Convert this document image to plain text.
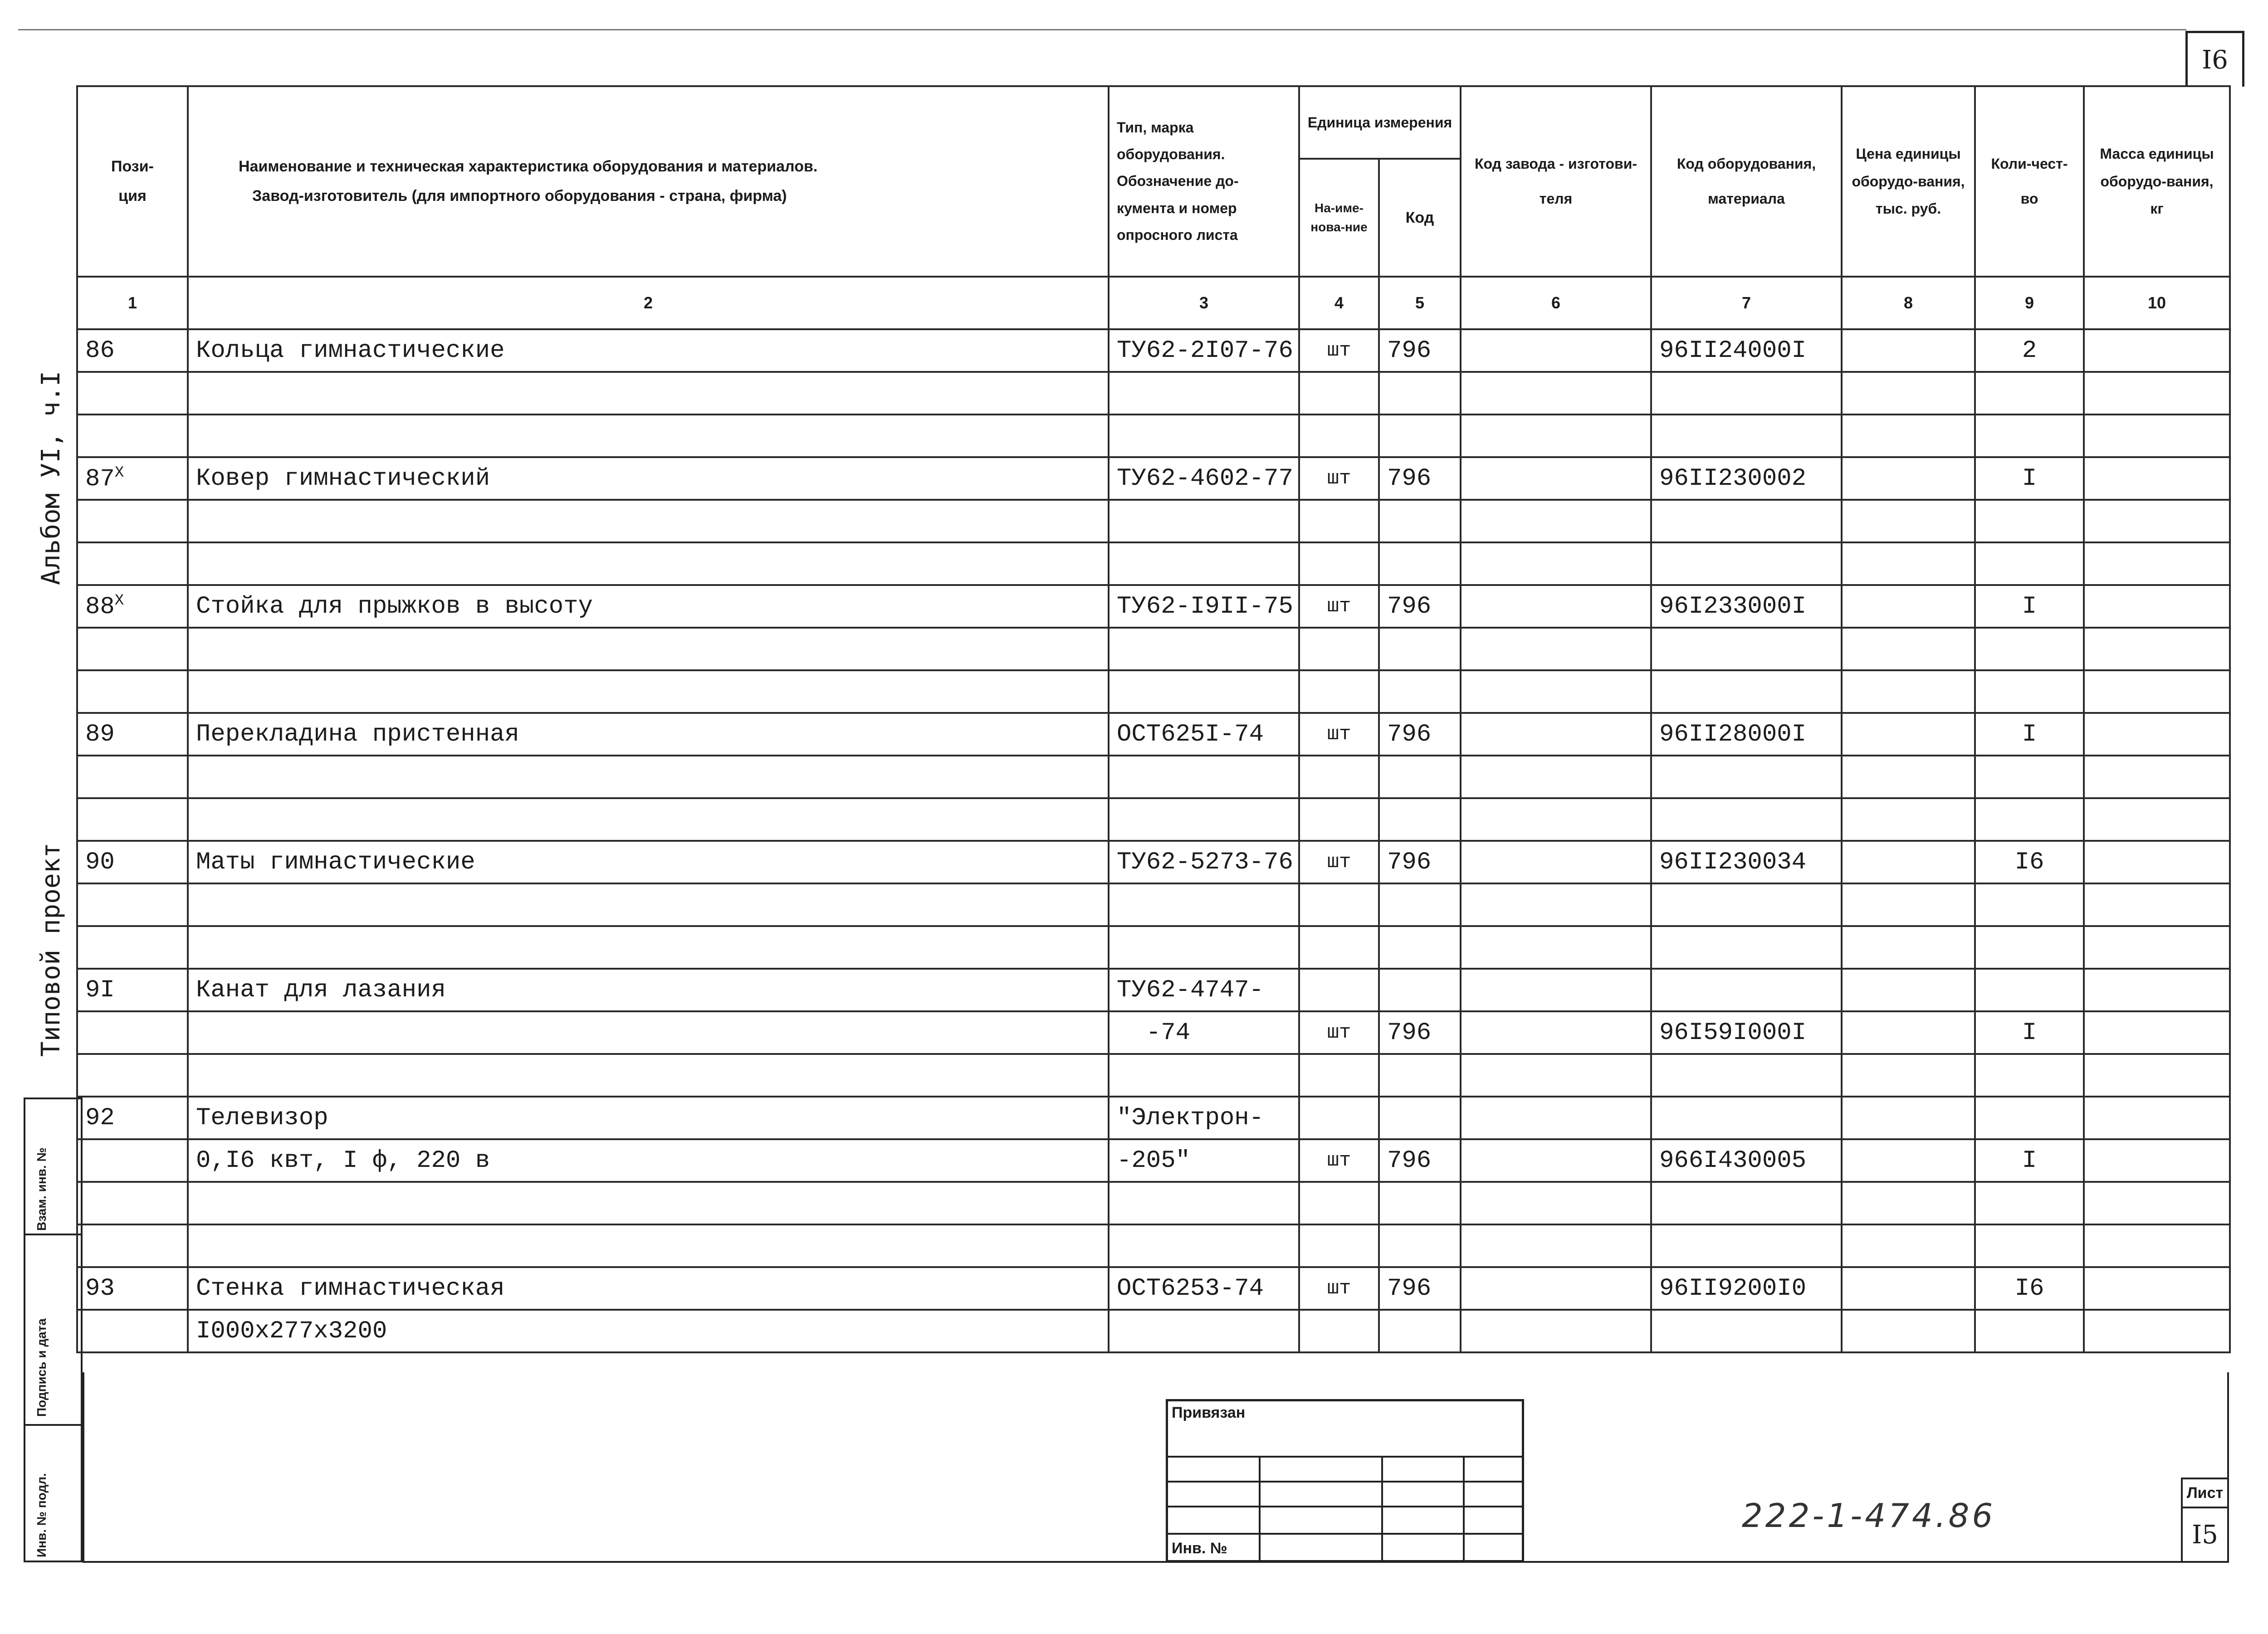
I6
Альбом УI, ч.I
Типовой проект
Взам. инв. №
Подпись и дата
Инв. № подл.
Пози-
ция	Наименование и техническая характеристика оборудования и материалов.
Завод-изготовитель (для импортного оборудования - страна, фирма)	Тип, марка оборудования. Обозначение до-кумента и номер опросного листа	Единица измерения		Код завода - изготови-теля	Код оборудования, материала	Цена единицы оборудо-вания, тыс. руб.	Коли-чест-во	Масса единицы оборудо-вания, кг
			На-име-нова-ние	Код					
1	2	3	4	5	6	7	8	9	10
86	Кольца гимнастические	ТУ62-2I07-76	шт	796		96II24000I		2	

$87^X$	Ковер гимнастический	ТУ62-4602-77	шт	796		96II230002		I	

$88^X$	Стойка для прыжков в высоту	ТУ62-I9II-75	шт	796		96I233000I		I	

89	Перекладина пристенная	ОСТ625I-74	шт	796		96II28000I		I	

90	Маты гимнастические	ТУ62-5273-76	шт	796		96II230034		I6	

9I	Канат для лазания	ТУ62-4747-							
		-74	шт	796		96I59I000I		I	

92	Телевизор	"Электрон-							
	0,I6 квт, I ф, 220 в	-205"	шт	796		966I430005		I	

93	Стенка гимнастическая	ОСТ6253-74	шт	796		96II9200I0		I6	
	I000x277x3200								
Привязан
Инв. №
222-1-474.86
Лист
I5
